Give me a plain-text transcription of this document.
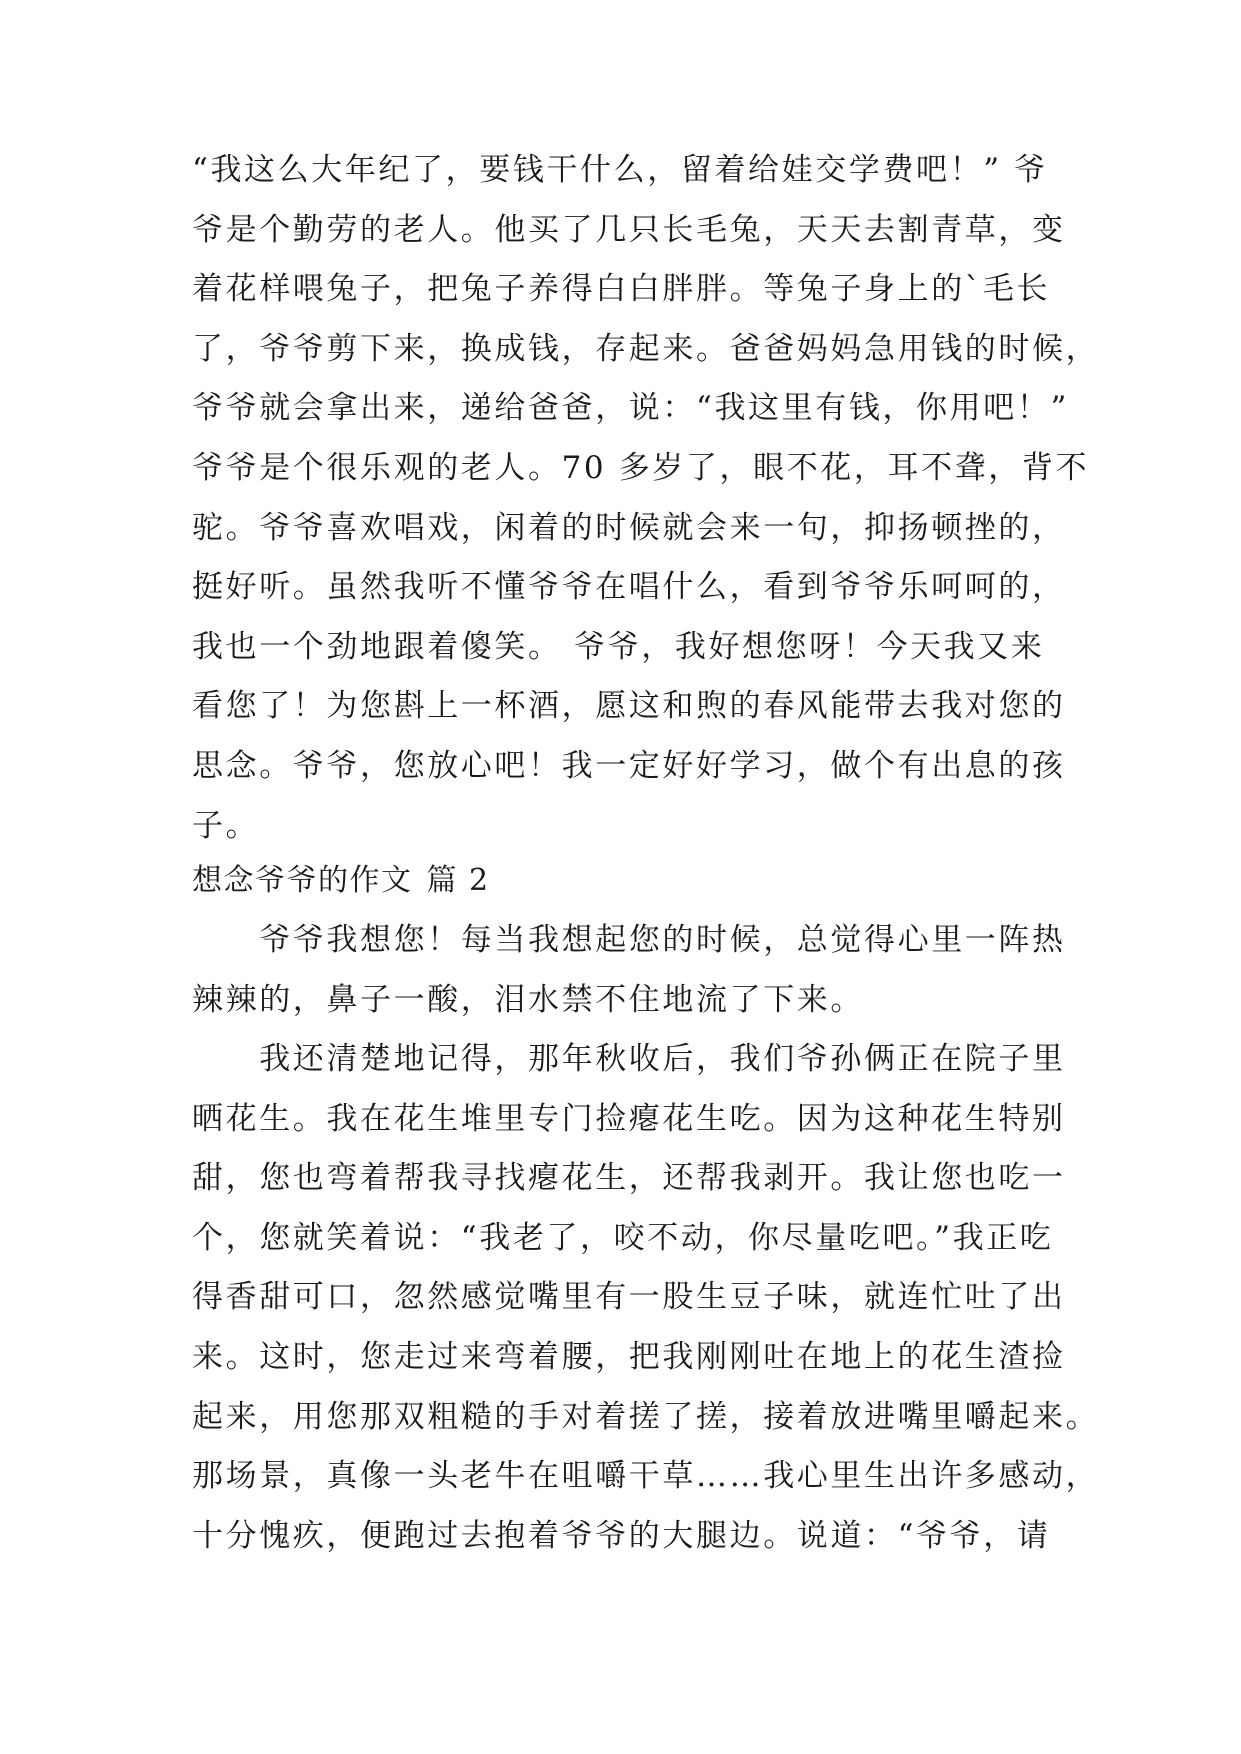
“我这么大年纪了，要钱干什么，留着给娃交学费吧！” 爷
爷是个勤劳的老人。他买了几只长毛兔，天天去割青草，变
着花样喂兔子，把兔子养得白白胖胖。等兔子身上的`毛长
了，爷爷剪下来，换成钱，存起来。爸爸妈妈急用钱的时候，
爷爷就会拿出来，递给爸爸，说：“我这里有钱，你用吧！”
爷爷是个很乐观的老人。70 多岁了，眼不花，耳不聋，背不
驼。爷爷喜欢唱戏，闲着的时候就会来一句，抑扬顿挫的，
挺好听。虽然我听不懂爷爷在唱什么，看到爷爷乐呵呵的，
我也一个劲地跟着傻笑。 爷爷，我好想您呀！今天我又来
看您了！为您斟上一杯酒，愿这和煦的春风能带去我对您的
思念。爷爷，您放心吧！我一定好好学习，做个有出息的孩
子。
想念爷爷的作文 篇 2
　　爷爷我想您！每当我想起您的时候，总觉得心里一阵热
辣辣的，鼻子一酸，泪水禁不住地流了下来。
　　我还清楚地记得，那年秋收后，我们爷孙俩正在院子里
晒花生。我在花生堆里专门捡瘪花生吃。因为这种花生特别
甜，您也弯着帮我寻找瘪花生，还帮我剥开。我让您也吃一
个，您就笑着说：“我老了，咬不动，你尽量吃吧。”我正吃
得香甜可口，忽然感觉嘴里有一股生豆子味，就连忙吐了出
来。这时，您走过来弯着腰，把我刚刚吐在地上的花生渣捡
起来，用您那双粗糙的手对着搓了搓，接着放进嘴里嚼起来。
那场景，真像一头老牛在咀嚼干草……我心里生出许多感动，
十分愧疚，便跑过去抱着爷爷的大腿边。说道：“爷爷，请
